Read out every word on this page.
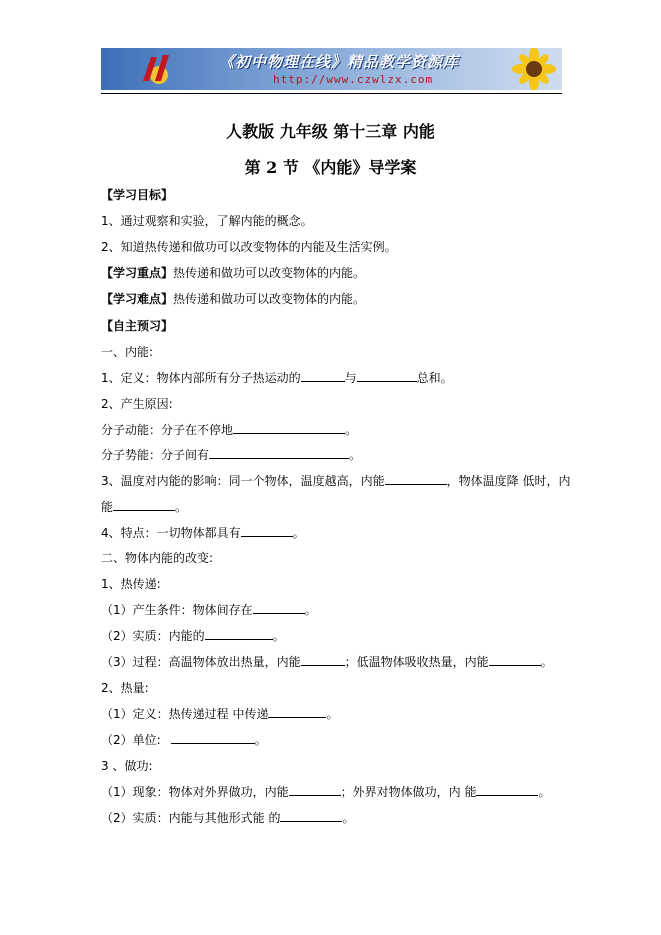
《初中物理在线》精品教学资源库
http://www.czwlzx.com
人教版 九年级 第十三章 内能
第 2 节 《内能》导学案
【学习目标】
1、通过观察和实验，了解内能的概念。
2、知道热传递和做功可以改变物体的内能及生活实例。
【学习重点】热传递和做功可以改变物体的内能。
【学习难点】热传递和做功可以改变物体的内能。
【自主预习】
一、内能:
1、定义：物体内部所有分子热运动的	与	总和。
2、产生原因:
分子动能：分子在不停地	。
分子势能：分子间有	。
3、温度对内能的影响：同一个物体，温度越高，内能	，物体温度降 低时，内
能	。
4、特点：一切物体都具有	。
二、物体内能的改变:
1、热传递:
（1）产生条件：物体间存在	。
（2）实质：内能的	。
（3）过程：高温物体放出热量，内能	；低温物体吸收热量，内能	。
2、热量:
（1）定义：热传递过程 中传递	。
（2）单位:	。
3 、做功:
（1）现象：物体对外界做功，内能	；外界对物体做功，内 能	。
（2）实质：内能与其他形式能 的	。
